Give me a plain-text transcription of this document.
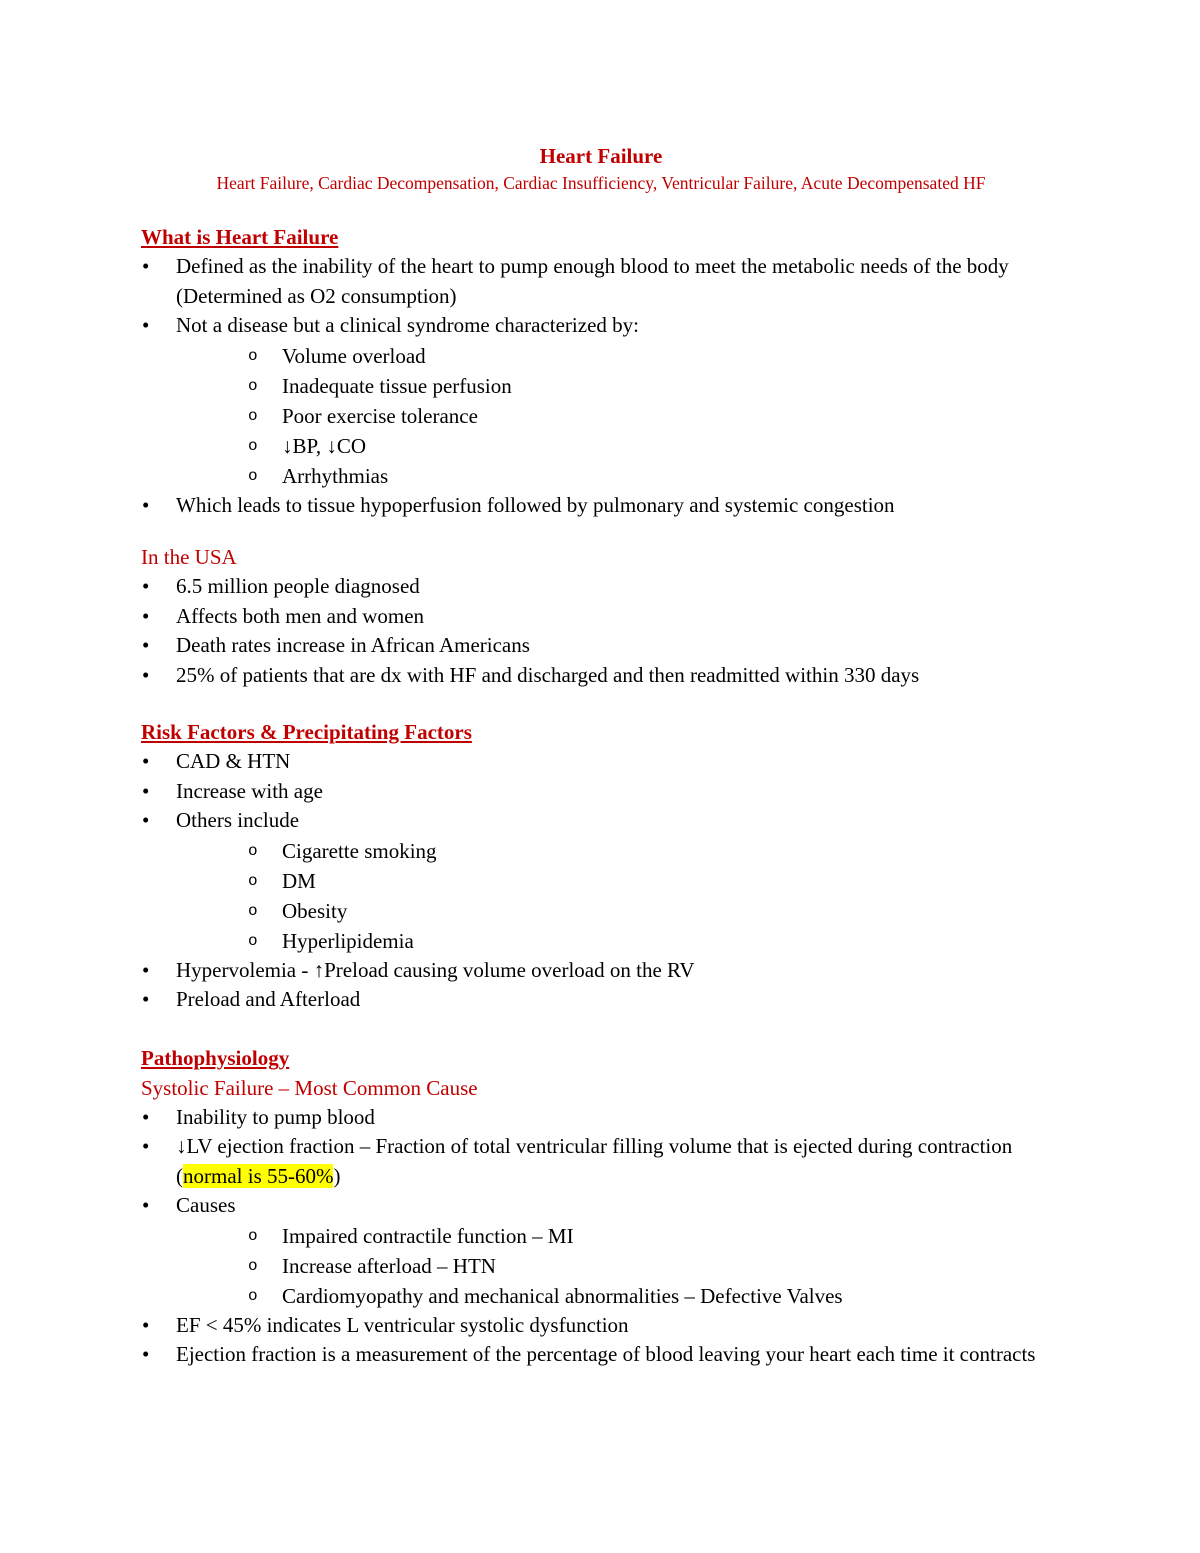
Heart Failure

Heart Failure, Cardiac Decompensation, Cardiac Insufficiency, Ventricular Failure, Acute Decompensated HF

What is Heart Failure

• Defined as the inability of the heart to pump enough blood to meet the metabolic needs of the body (Determined as O2 consumption)
• Not a disease but a clinical syndrome characterized by:
o Volume overload
o Inadequate tissue perfusion
o Poor exercise tolerance
o ↓BP, ↓CO
o Arrhythmias
• Which leads to tissue hypoperfusion followed by pulmonary and systemic congestion

In the USA

• 6.5 million people diagnosed
• Affects both men and women
• Death rates increase in African Americans
• 25% of patients that are dx with HF and discharged and then readmitted within 330 days

Risk Factors & Precipitating Factors

• CAD & HTN
• Increase with age
• Others include
o Cigarette smoking
o DM
o Obesity
o Hyperlipidemia
• Hypervolemia - ↑Preload causing volume overload on the RV
• Preload and Afterload

Pathophysiology

Systolic Failure – Most Common Cause

• Inability to pump blood
• ↓LV ejection fraction – Fraction of total ventricular filling volume that is ejected during contraction (normal is 55-60%)
• Causes
o Impaired contractile function – MI
o Increase afterload – HTN
o Cardiomyopathy and mechanical abnormalities – Defective Valves
• EF < 45% indicates L ventricular systolic dysfunction
• Ejection fraction is a measurement of the percentage of blood leaving your heart each time it contracts
